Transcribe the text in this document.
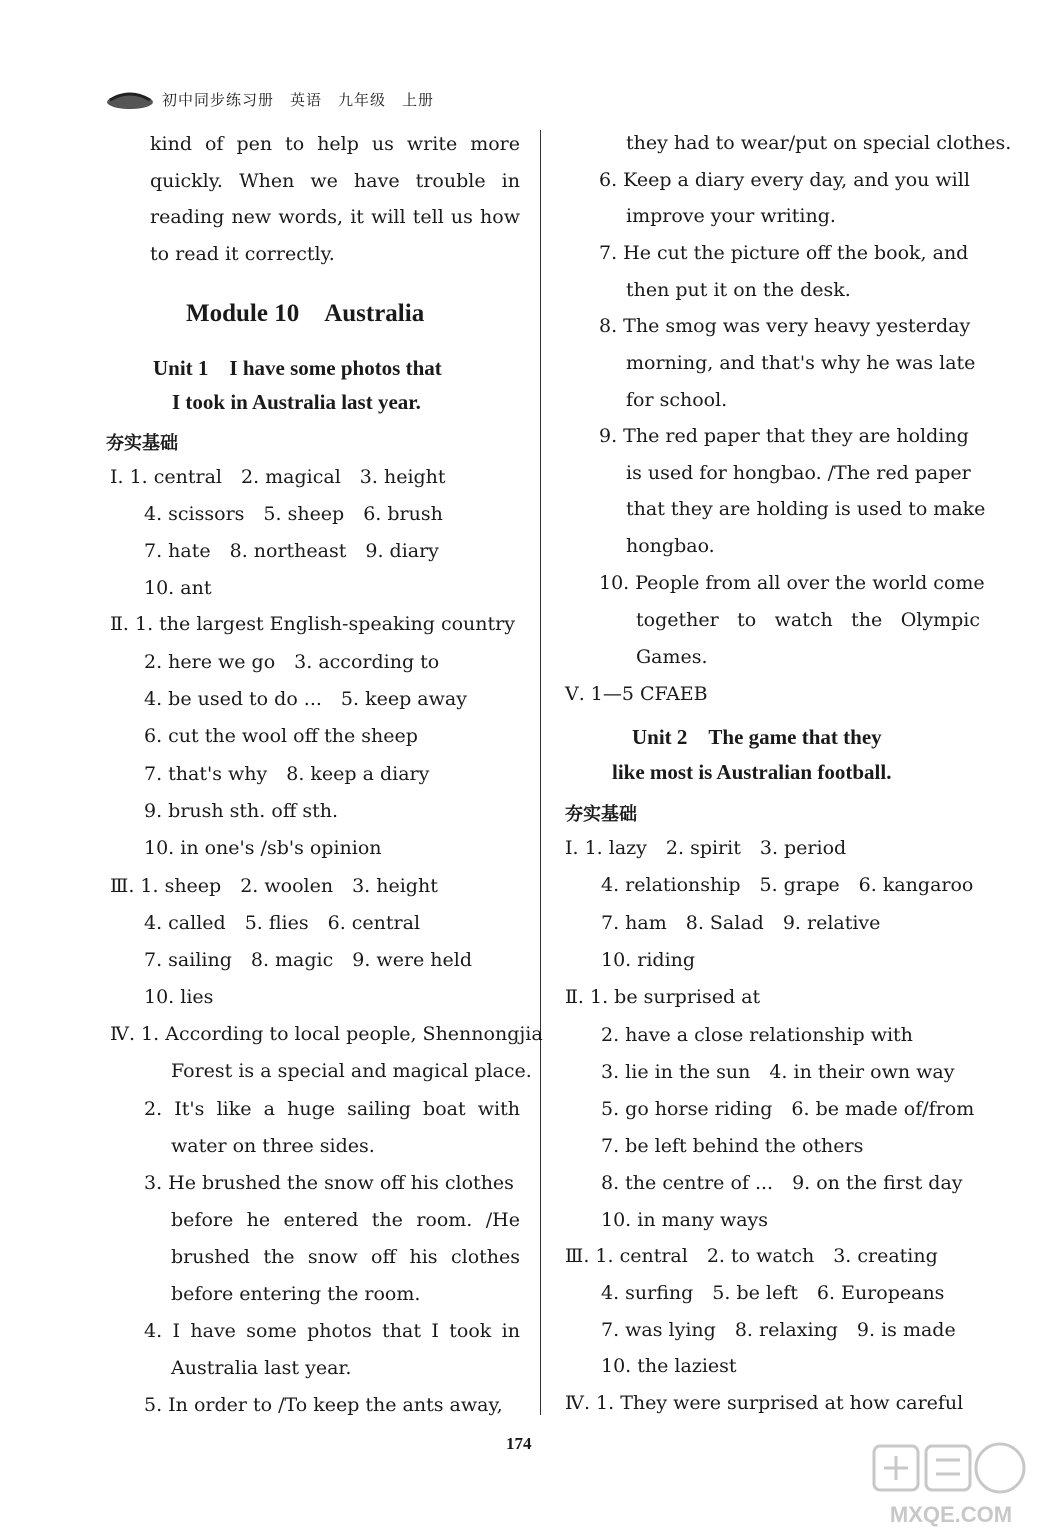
初中同步练习册　英语　九年级　上册
kind of pen to help us write more
quickly. When we have trouble in
reading new words, it will tell us how
to read it correctly.
Module 10　Australia
Unit 1　I have some photos that
I took in Australia last year.
夯实基础
Ⅰ. 1. central　2. magical　3. height
4. scissors　5. sheep　6. brush
7. hate　8. northeast　9. diary
10. ant
Ⅱ. 1. the largest English-speaking country
2. here we go　3. according to
4. be used to do ...　5. keep away
6. cut the wool off the sheep
7. that's why　8. keep a diary
9. brush sth. off sth.
10. in one's /sb's opinion
Ⅲ. 1. sheep　2. woolen　3. height
4. called　5. flies　6. central
7. sailing　8. magic　9. were held
10. lies
Ⅳ. 1. According to local people, Shennongjia
Forest is a special and magical place.
2. It's like a huge sailing boat with
water on three sides.
3. He brushed the snow off his clothes
before he entered the room. /He
brushed the snow off his clothes
before entering the room.
4. I have some photos that I took in
Australia last year.
5. In order to /To keep the ants away,
they had to wear/put on special clothes.
6. Keep a diary every day, and you will
improve your writing.
7. He cut the picture off the book, and
then put it on the desk.
8. The smog was very heavy yesterday
morning, and that's why he was late
for school.
9. The red paper that they are holding
is used for hongbao. /The red paper
that they are holding is used to make
hongbao.
10. People from all over the world come
together to watch the Olympic
Games.
Ⅴ. 1—5 CFAEB
Unit 2　The game that they
like most is Australian football.
夯实基础
Ⅰ. 1. lazy　2. spirit　3. period
4. relationship　5. grape　6. kangaroo
7. ham　8. Salad　9. relative
10. riding
Ⅱ. 1. be surprised at
2. have a close relationship with
3. lie in the sun　4. in their own way
5. go horse riding　6. be made of/from
7. be left behind the others
8. the centre of ...　9. on the first day
10. in many ways
Ⅲ. 1. central　2. to watch　3. creating
4. surfing　5. be left　6. Europeans
7. was lying　8. relaxing　9. is made
10. the laziest
Ⅳ. 1. They were surprised at how careful
174
MXQE.COM
